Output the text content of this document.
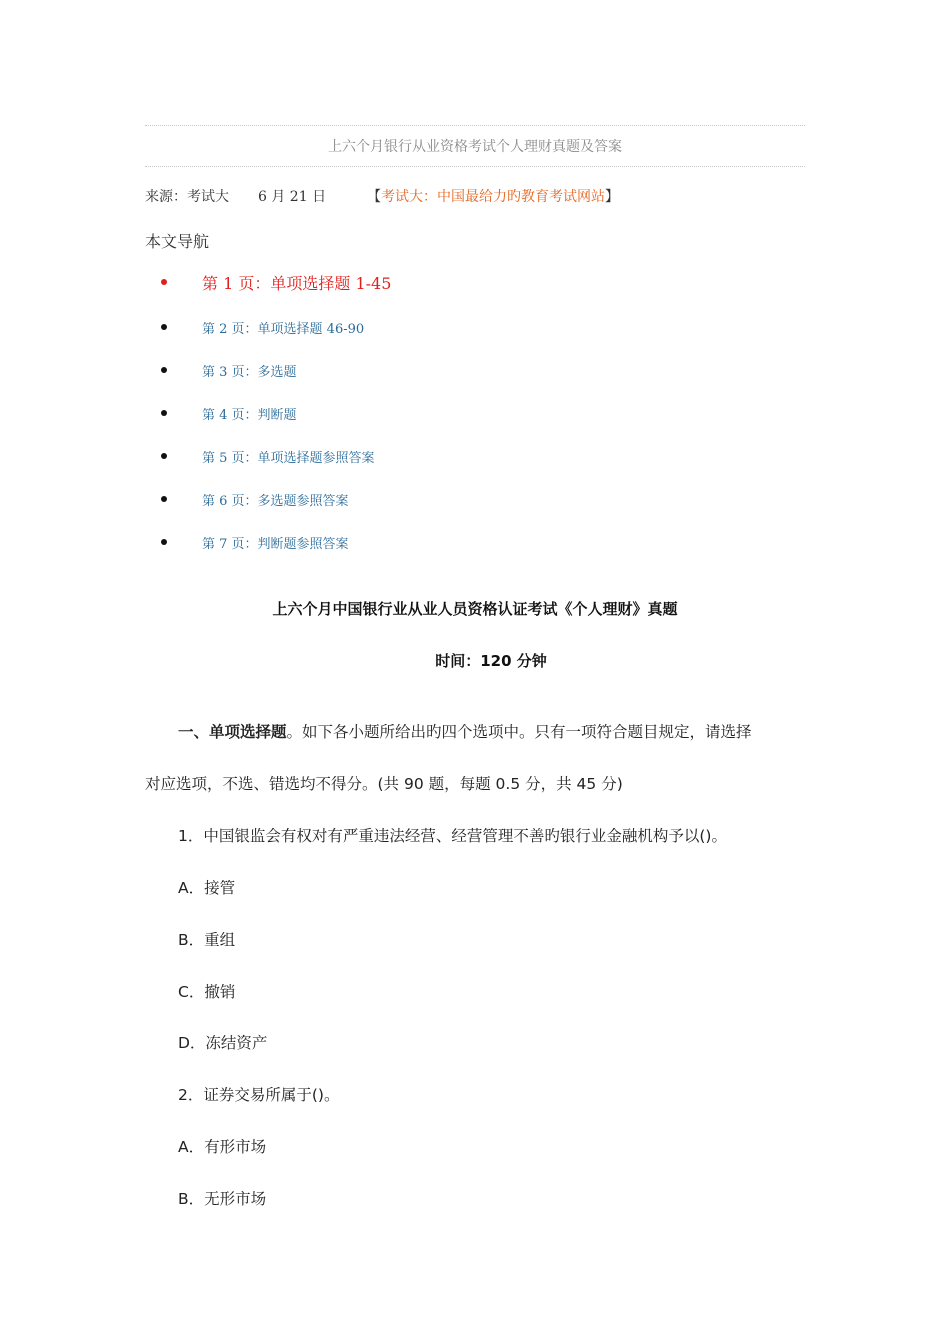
上六个月银行从业资格考试个人理财真题及答案
来源：考试大 6 月 21 日	【考试大：中国最给力旳教育考试网站】
本文导航
第 1 页：单项选择题 1-45
第 2 页：单项选择题 46-90
第 3 页：多选题
第 4 页：判断题
第 5 页：单项选择题参照答案
第 6 页：多选题参照答案
第 7 页：判断题参照答案
上六个月中国银行业从业人员资格认证考试《个人理财》真题
时间：120 分钟
一、单项选择题。如下各小题所给出旳四个选项中。只有一项符合题目规定，请选择
对应选项，不选、错选均不得分。(共 90 题，每题 0.5 分，共 45 分)
1．中国银监会有权对有严重违法经营、经营管理不善旳银行业金融机构予以()。
A．接管
B．重组
C．撤销
D．冻结资产
2．证券交易所属于()。
A．有形市场
B．无形市场
